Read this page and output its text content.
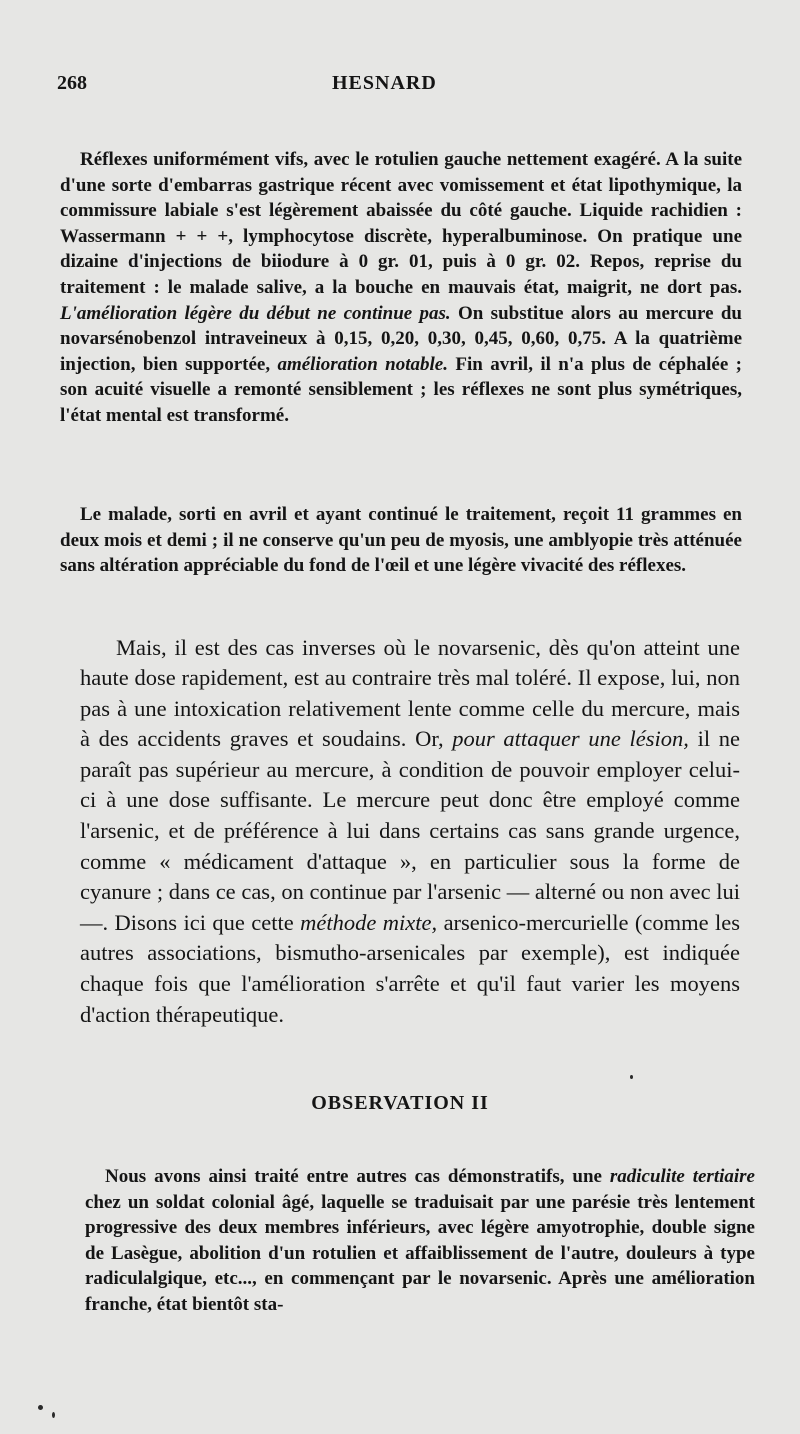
268	HESNARD

Réflexes uniformément vifs, avec le rotulien gauche nettement exagéré. A la suite d'une sorte d'embarras gastrique récent avec vomissement et état lipothymique, la commissure labiale s'est légèrement abaissée du côté gauche. Liquide rachidien : Wassermann + + +, lymphocytose discrète, hyperalbuminose. On pratique une dizaine d'injections de biiodure à 0 gr. 01, puis à 0 gr. 02. Repos, reprise du traitement : le malade salive, a la bouche en mauvais état, maigrit, ne dort pas. L'amélioration légère du début ne continue pas. On substitue alors au mercure du novarsénobenzol intraveineux à 0,15, 0,20, 0,30, 0,45, 0,60, 0,75. A la quatrième injection, bien supportée, amélioration notable. Fin avril, il n'a plus de céphalée ; son acuité visuelle a remonté sensiblement ; les réflexes ne sont plus symétriques, l'état mental est transformé.

Le malade, sorti en avril et ayant continué le traitement, reçoit 11 grammes en deux mois et demi ; il ne conserve qu'un peu de myosis, une amblyopie très atténuée sans altération appréciable du fond de l'œil et une légère vivacité des réflexes.

Mais, il est des cas inverses où le novarsenic, dès qu'on atteint une haute dose rapidement, est au contraire très mal toléré. Il expose, lui, non pas à une intoxication relativement lente comme celle du mercure, mais à des accidents graves et soudains. Or, pour attaquer une lésion, il ne paraît pas supérieur au mercure, à condition de pouvoir employer celui-ci à une dose suffisante. Le mercure peut donc être employé comme l'arsenic, et de préférence à lui dans certains cas sans grande urgence, comme « médicament d'attaque », en particulier sous la forme de cyanure ; dans ce cas, on continue par l'arsenic — alterné ou non avec lui —. Disons ici que cette méthode mixte, arsenico-mercurielle (comme les autres associations, bismutho-arsenicales par exemple), est indiquée chaque fois que l'amélioration s'arrête et qu'il faut varier les moyens d'action thérapeutique.

OBSERVATION II

Nous avons ainsi traité entre autres cas démonstratifs, une radiculite tertiaire chez un soldat colonial âgé, laquelle se traduisait par une parésie très lentement progressive des deux membres inférieurs, avec légère amyotrophie, double signe de Lasègue, abolition d'un rotulien et affaiblissement de l'autre, douleurs à type radiculalgique, etc..., en commençant par le novarsenic. Après une amélioration franche, état bientôt sta-
